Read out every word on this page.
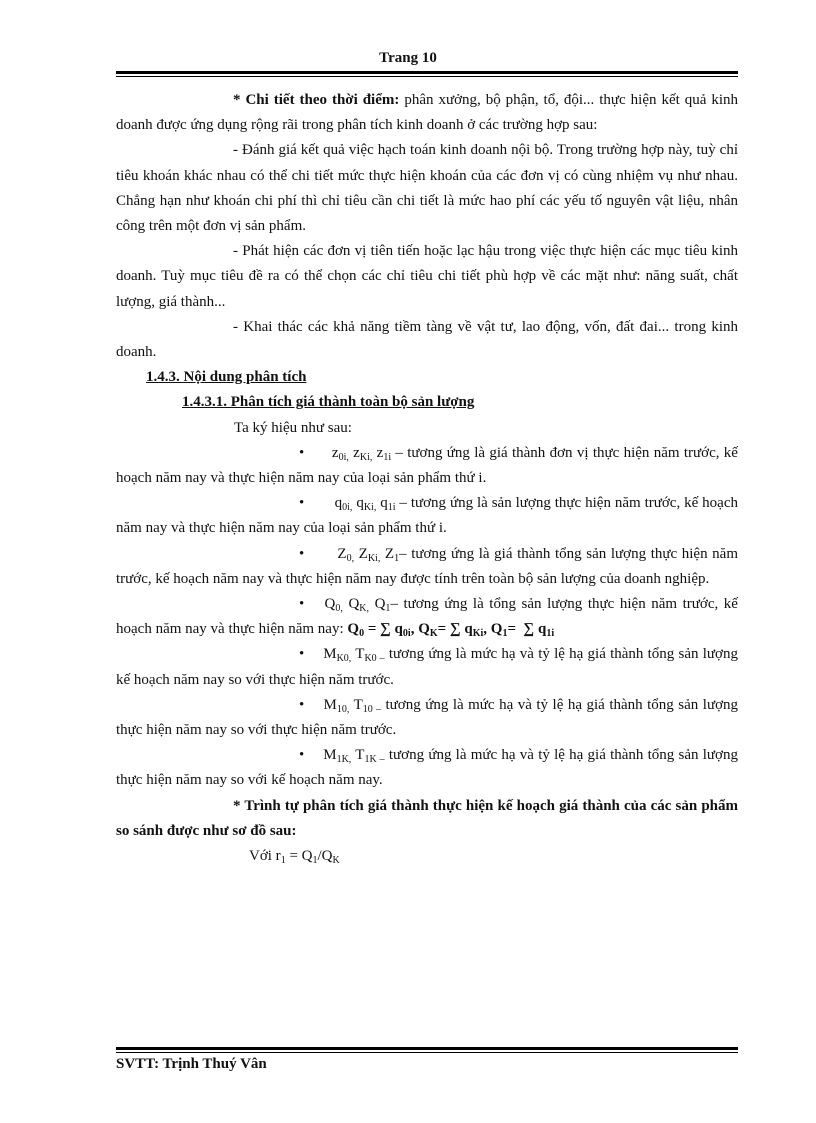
Trang 10

* Chi tiết theo thời điểm: phân xưởng, bộ phận, tổ, đội... thực hiện kết quả kinh doanh được ứng dụng rộng rãi trong phân tích kinh doanh ở các trường hợp sau:

- Đánh giá kết quả việc hạch toán kinh doanh nội bộ. Trong trường hợp này, tuỳ chỉ tiêu khoán khác nhau có thể chi tiết mức thực hiện khoán của các đơn vị có cùng nhiệm vụ như nhau. Chẳng hạn như khoán chi phí thì chỉ tiêu cần chi tiết là mức hao phí các yếu tố nguyên vật liệu, nhân công trên một đơn vị sản phẩm.

- Phát hiện các đơn vị tiên tiến hoặc lạc hậu trong việc thực hiện các mục tiêu kinh doanh. Tuỳ mục tiêu đề ra có thể chọn các chỉ tiêu chi tiết phù hợp về các mặt như: năng suất, chất lượng, giá thành...

- Khai thác các khả năng tiềm tàng về vật tư, lao động, vốn, đất đai... trong kinh doanh.

1.4.3. Nội dung phân tích

1.4.3.1. Phân tích giá thành toàn bộ sản lượng

Ta ký hiệu như sau:

•   $z_{0i,}$ $z_{Ki,}$ $z_{1i}$ – tương ứng là giá thành đơn vị thực hiện năm trước, kế hoạch năm nay và thực hiện năm nay của loại sản phẩm thứ i.

•    $q_{0i,}$ $q_{Ki,}$ $q_{1i}$ – tương ứng là sản lượng thực hiện năm trước, kế hoạch năm nay và thực hiện năm nay của loại sản phẩm thứ i.

•    $Z_{0,}$ $Z_{Ki,}$ $Z_1-$ tương ứng là giá thành tổng sản lượng thực hiện năm trước, kế hoạch năm nay và thực hiện năm nay được tính trên toàn bộ sản lượng của doanh nghiệp.

• $Q_{0,}$ $Q_{K,}$ $Q_1-$ tương ứng là tổng sản lượng thực hiện năm trước, kế hoạch năm nay và thực hiện năm nay: $Q_0$ = ∑ $q_{0i}$, $Q_K=$ ∑ $q_{Ki}$, $Q_1=$  ∑ $q_{1i}$

• $M_{K0,}$ $T_{K0 -}$ tương ứng là mức hạ và tỷ lệ hạ giá thành tổng sản lượng kế hoạch năm nay so với thực hiện năm trước.

• $M_{10,}$ $T_{10 -}$ tương ứng là mức hạ và tỷ lệ hạ giá thành tổng sản lượng thực hiện năm nay so với thực hiện năm trước.

• $M_{1K,}$ $T_{1K -}$ tương ứng là mức hạ và tỷ lệ hạ giá thành tổng sản lượng thực hiện năm nay so với kế hoạch năm nay.

* Trình tự phân tích giá thành thực hiện kế hoạch giá thành của các sản phẩm so sánh được như sơ đồ sau:

Với $r_1 = Q_1/Q_K$

SVTT: Trịnh Thuý Vân
